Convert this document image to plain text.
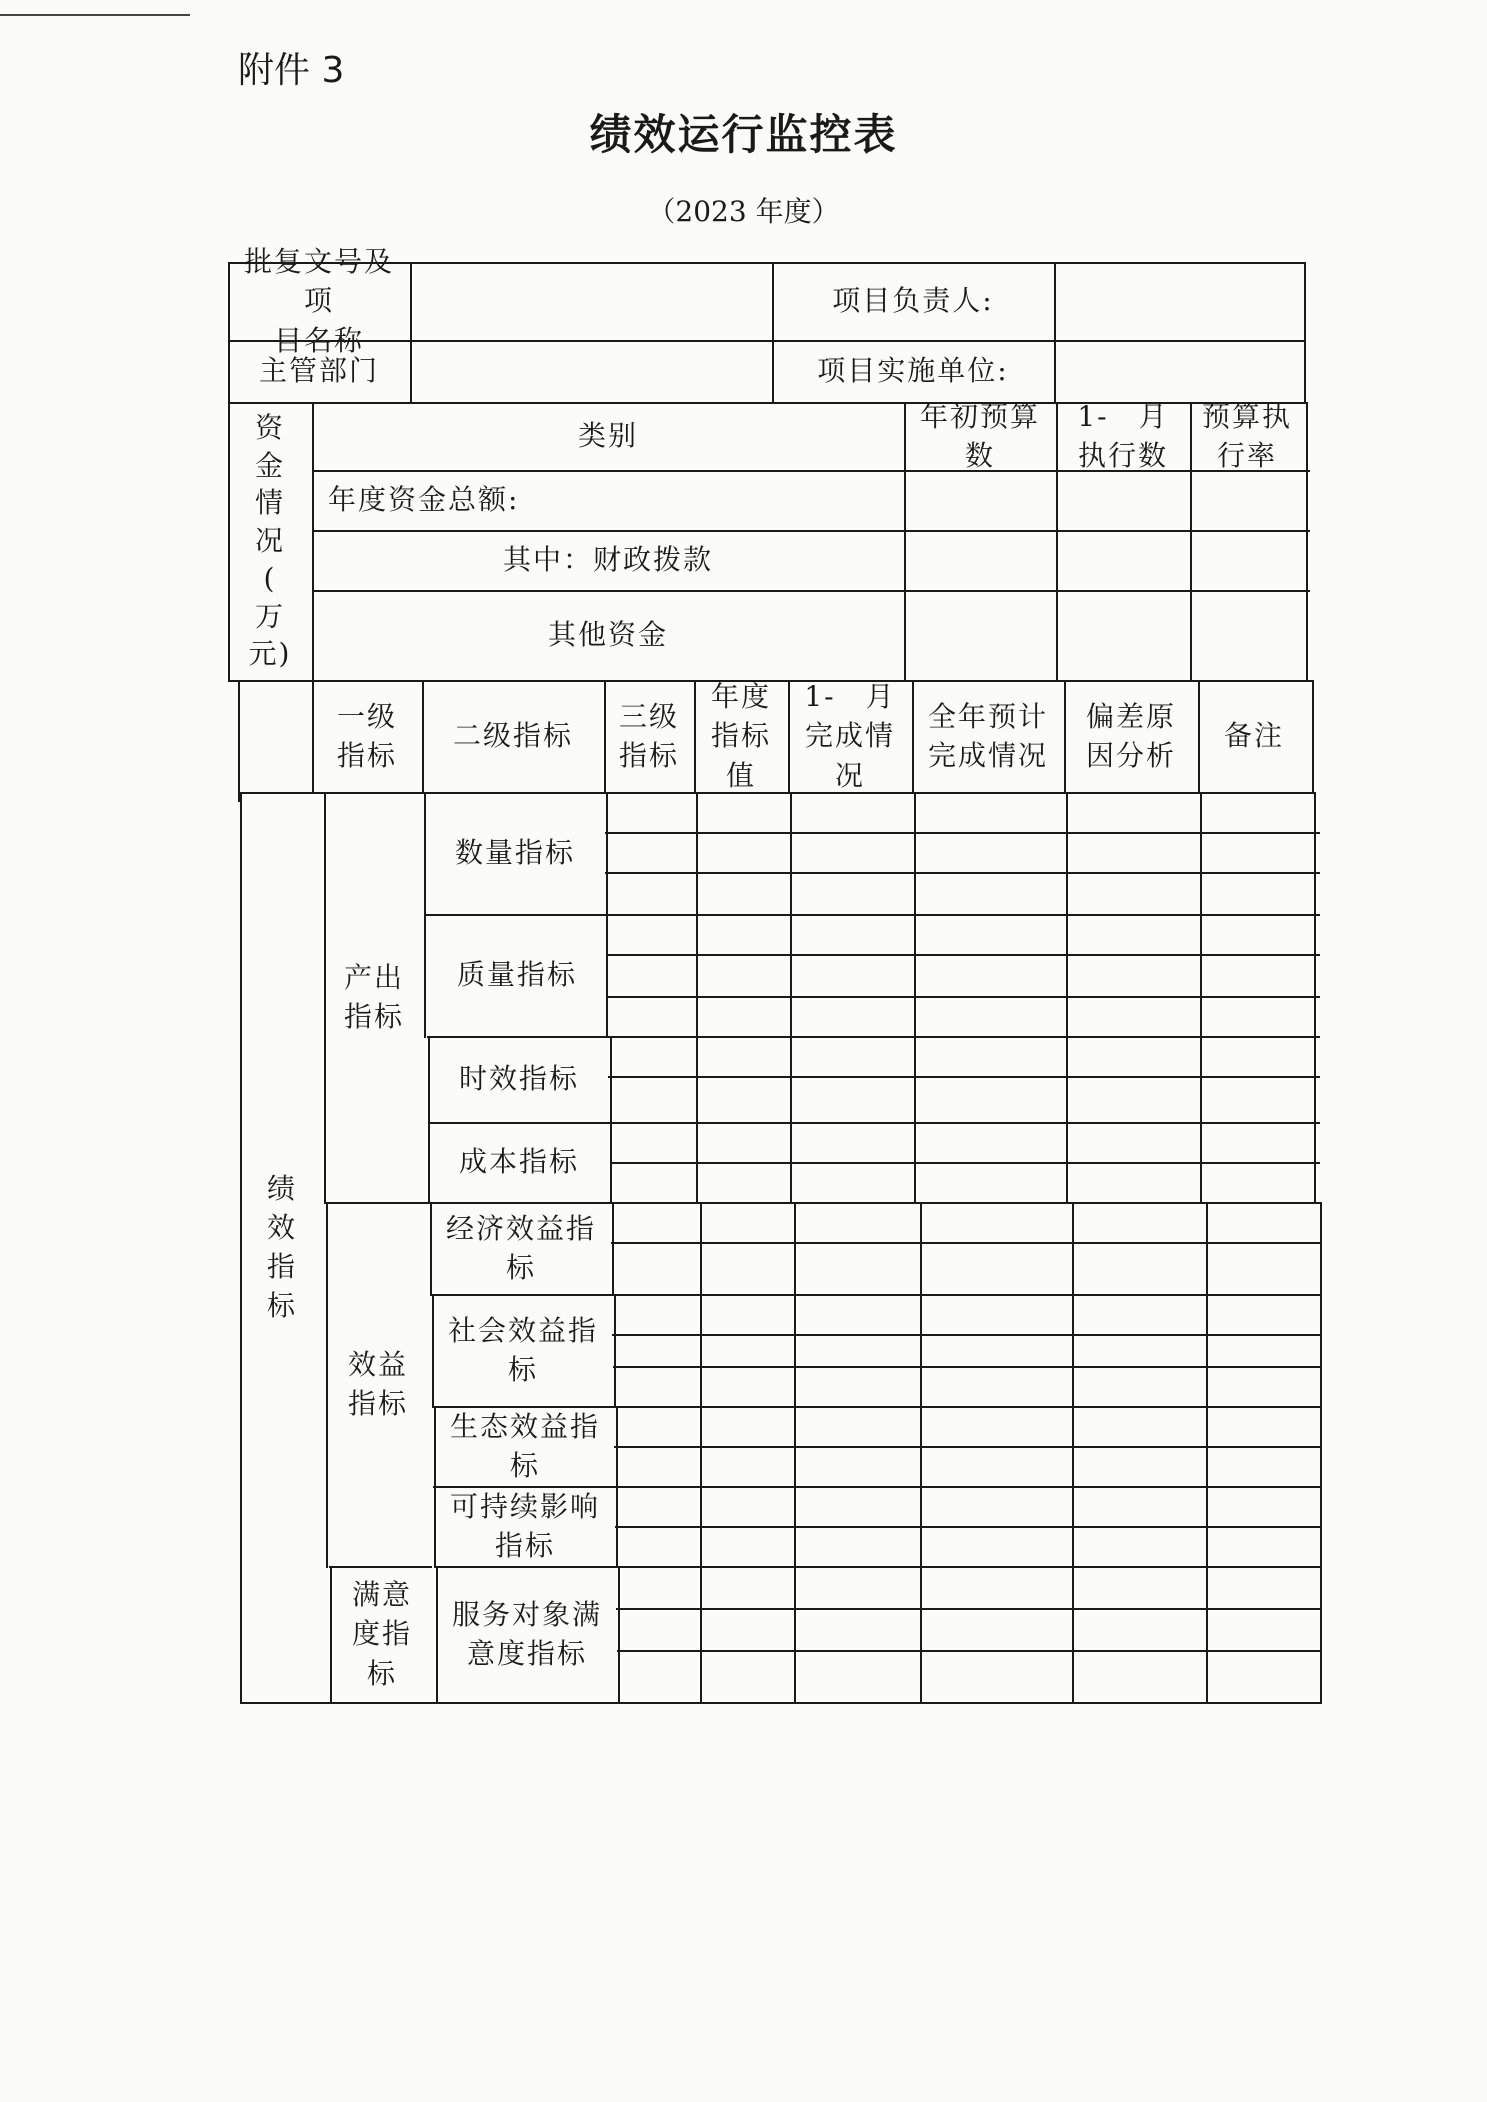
附件 3
绩效运行监控表
（2023 年度）
批复文号及项
目名称
项目负责人:
主管部门	项目实施单位:
资
金
情
况
(
万
元)
类别
年初预算
数
1-　月
执行数
预算执
行率
年度资金总额:
其中：财政拨款
其他资金
一级
指标
二级指标
三级
指标
年度
指标
值
1-　月
完成情
况
全年预计
完成情况
偏差原
因分析
备注
绩
效
指
标
产出
指标
效益
指标
满意
度指
标
数量指标
质量指标
时效指标
成本指标
经济效益指
标
社会效益指
标
生态效益指
标
可持续影响
指标
服务对象满
意度指标
